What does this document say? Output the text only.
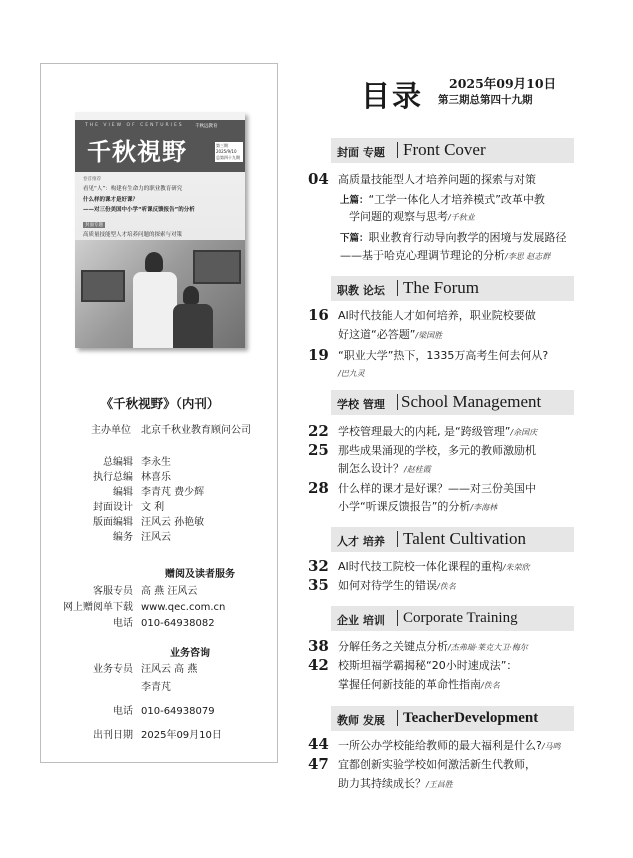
THE VIEW OF CENTURIES
千秋視野
千秋远教育
第三期
2025/9/10
总第四十九期
卷首推荐
看见“人”：构建有生命力的职业教育研究
什么样的课才是好课？
——对三份美国中小学“听课反馈报告”的分析
封面专题
高质量技能型人才培养问题的探索与对策
《千秋视野》（内刊）
主办单位 北京千秋业教育顾问公司
总编辑 李永生
执行总编 林喜乐
编辑 李青芃 费少辉
封面设计 文 利
版面编辑 汪风云 孙艳敏
编务 汪风云
赠阅及读者服务
客服专员 高 燕 汪风云
网上赠阅单下载 www.qec.com.cn
电话 010-64938082
业务咨询
业务专员 汪风云 高 燕
李青芃
电话 010-64938079
出刊日期 2025年09月10日
目录 2025年09月10日
第三期总第四十九期
封面 专题 Front Cover
04 高质量技能型人才培养问题的探索与对策
上篇：“工学一体化人才培养模式”改革中教
学问题的观察与思考/千秋业
下篇：职业教育行动导向教学的困境与发展路径
——基于哈克心理调节理论的分析/李思 赵志群
职教 论坛 The Forum
16 AI时代技能人才如何培养，职业院校要做
好这道“必答题”/梁国胜
19 “职业大学”热下，1335万高考生何去何从?
/巴九灵
学校 管理 School Management
22 学校管理最大的内耗, 是“跨级管理”/余国庆
25 那些成果涌现的学校，多元的教师激励机
制怎么设计？/赵桂霞
28 什么样的课才是好课？——对三份美国中
小学“听课反馈报告”的分析/李海林
人才 培养 Talent Cultivation
32 AI时代技工院校一体化课程的重构/朱荣欣
35 如何对待学生的错误/佚名
企业 培训 Corporate Training
38 分解任务之关键点分析/杰弗瑞·莱克大卫·梅尔
42 校斯坦福学霸揭秘“20小时速成法”：
掌握任何新技能的革命性指南/佚名
教师 发展 TeacherDevelopment
44 一所公办学校能给教师的最大福利是什么?/马鸣
47 宜都创新实验学校如何激活新生代教师，
助力其持续成长？/王昌胜
